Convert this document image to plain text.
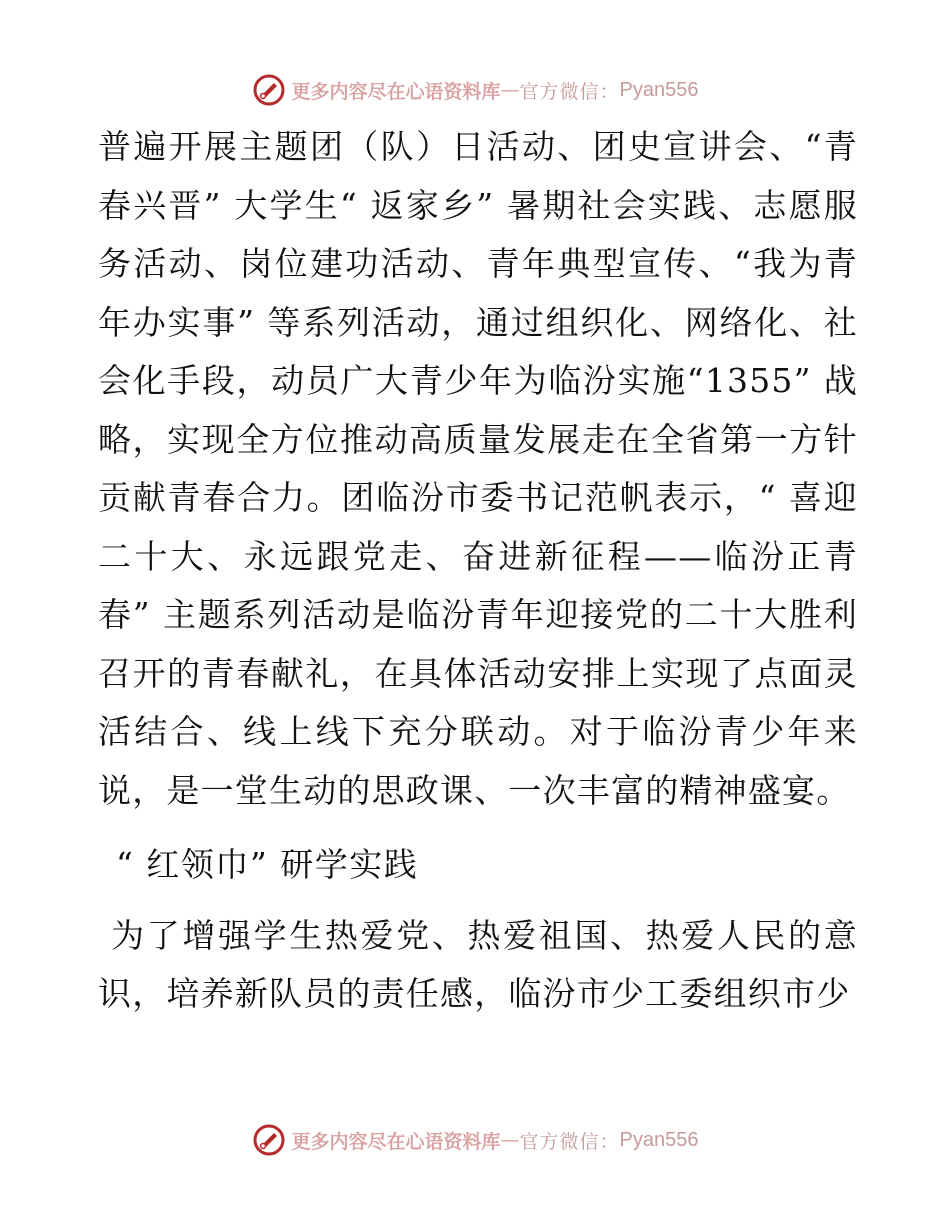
更多内容尽在心语资料库 — 官方微信： Pyan556

普遍开展主题团（队）日活动、团史宣讲会、“青春兴晋” 大学生“ 返家乡” 暑期社会实践、志愿服务活动、岗位建功活动、青年典型宣传、“我为青年办实事” 等系列活动，通过组织化、网络化、社会化手段，动员广大青少年为临汾实施“1355” 战略，实现全方位推动高质量发展走在全省第一方针贡献青春合力。团临汾市委书记范帆表示，“ 喜迎二十大、永远跟党走、奋进新征程——临汾正青春” 主题系列活动是临汾青年迎接党的二十大胜利召开的青春献礼，在具体活动安排上实现了点面灵活结合、线上线下充分联动。对于临汾青少年来说，是一堂生动的思政课、一次丰富的精神盛宴。

“ 红领巾” 研学实践

为了增强学生热爱党、热爱祖国、热爱人民的意识，培养新队员的责任感，临汾市少工委组织市少

更多内容尽在心语资料库 — 官方微信： Pyan556
